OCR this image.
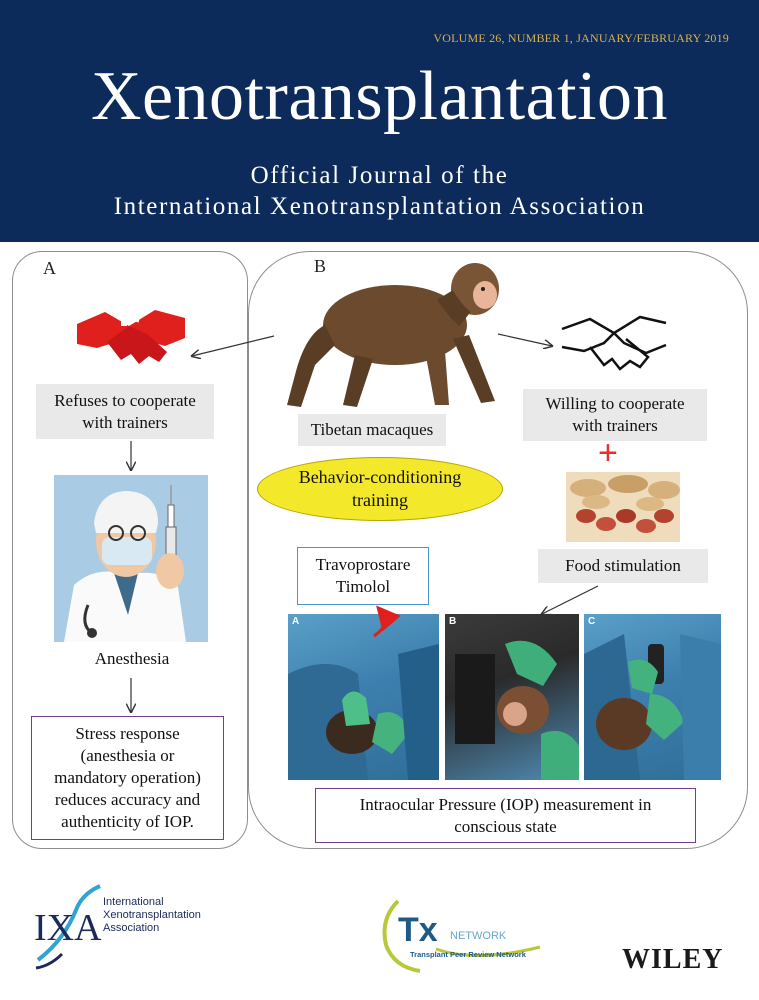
VOLUME 26, NUMBER 1, JANUARY/FEBRUARY 2019
Xenotransplantation
Official Journal of the
International Xenotransplantation Association
A
Refuses to cooperate
with trainers
Anesthesia
Stress response
(anesthesia or
mandatory operation)
reduces accuracy and
authenticity of IOP.
B
Tibetan macaques
Willing to cooperate
with trainers
+
Behavior-conditioning
training
Food stimulation
Travoprostare
Timolol
A	B	C
Intraocular Pressure (IOP) measurement in
conscious state
IXA
International
Xenotransplantation
Association	Tx NETWORK
Transplant Peer Review Network	WILEY
